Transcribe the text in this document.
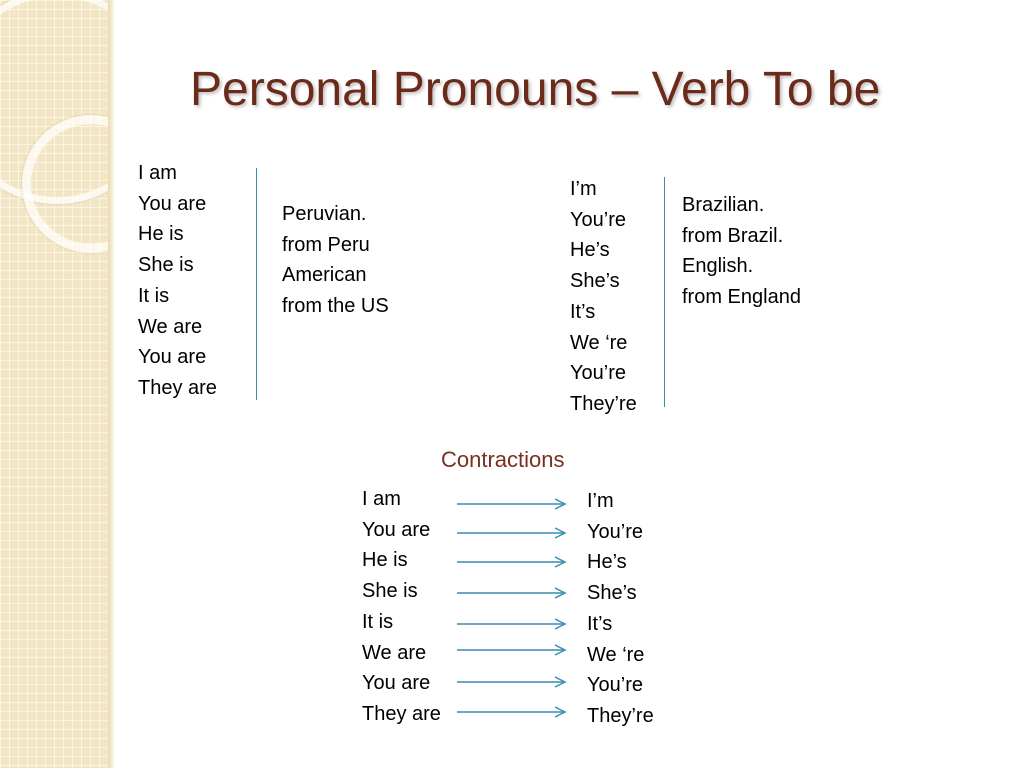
Personal Pronouns – Verb To be
I am
You are
He is
She is
It is
We are
You are
They are
Peruvian.
from Peru
American
from the US
I’m
You’re
He’s
She’s
It’s
We ‘re
You’re
They’re
Brazilian.
from Brazil.
English.
from England
Contractions
I am
You are
He is
She is
It is
We are
You are
They are
I’m
You’re
He’s
She’s
It’s
We ‘re
You’re
They’re
